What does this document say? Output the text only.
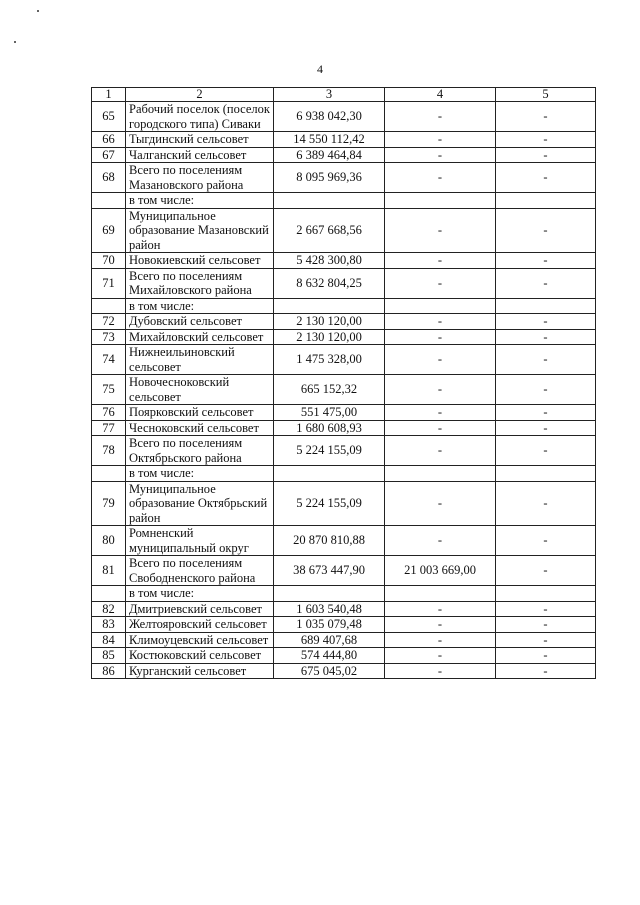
4
1	2	3	4	5
65	Рабочий поселок (поселок городского типа) Сиваки	6 938 042,30	-	-
66	Тыгдинский сельсовет	14 550 112,42	-	-
67	Чалганский сельсовет	6 389 464,84	-	-
68	Всего по поселениям Мазановского района	8 095 969,36	-	-
	в том числе:			
69	Муниципальное образование Мазановский район	2 667 668,56	-	-
70	Новокиевский сельсовет	5 428 300,80	-	-
71	Всего по поселениям Михайловского района	8 632 804,25	-	-
	в том числе:			
72	Дубовский сельсовет	2 130 120,00	-	-
73	Михайловский сельсовет	2 130 120,00	-	-
74	Нижнеильиновский сельсовет	1 475 328,00	-	-
75	Новочесноковский сельсовет	665 152,32	-	-
76	Поярковский сельсовет	551 475,00	-	-
77	Чесноковский сельсовет	1 680 608,93	-	-
78	Всего по поселениям Октябрьского района	5 224 155,09	-	-
	в том числе:			
79	Муниципальное образование Октябрьский район	5 224 155,09	-	-
80	Ромненский муниципальный округ	20 870 810,88	-	-
81	Всего по поселениям Свободненского района	38 673 447,90	21 003 669,00	-
	в том числе:			
82	Дмитриевский сельсовет	1 603 540,48	-	-
83	Желтояровский сельсовет	1 035 079,48	-	-
84	Климоуцевский сельсовет	689 407,68	-	-
85	Костюковский сельсовет	574 444,80	-	-
86	Курганский сельсовет	675 045,02	-	-
